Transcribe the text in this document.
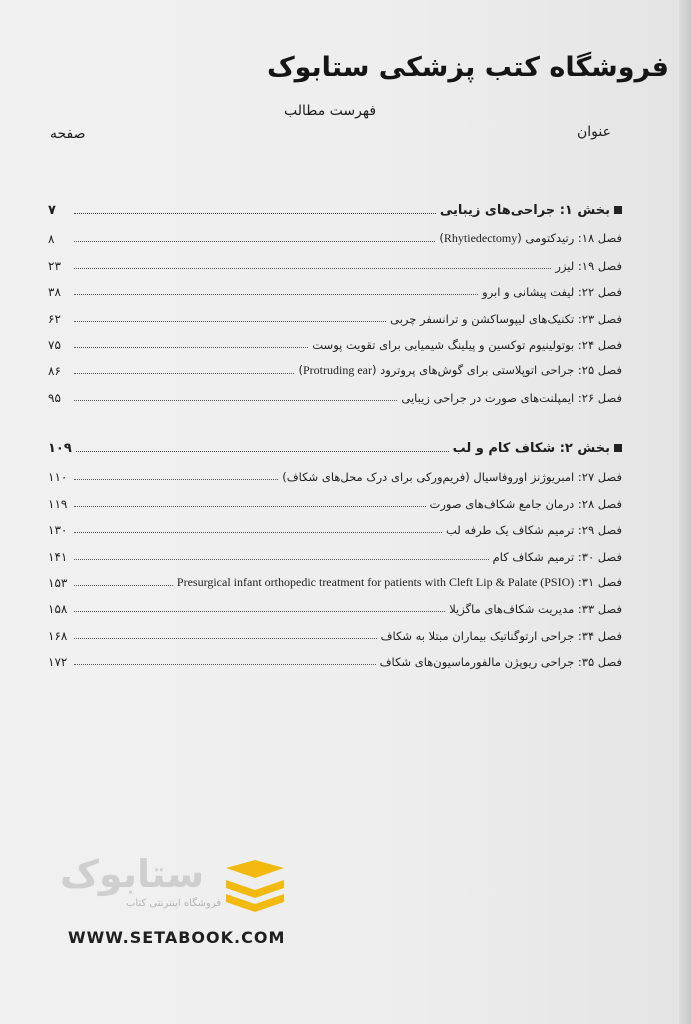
فروشگاه کتب پزشکی ستابوک
فهرست مطالب
عنوان
صفحه
بخش ۱: جراحی‌های زیبایی
۷
فصل ۱۸: رتیدکتومی (Rhytiedectomy)
۸
فصل ۱۹: لیزر
۲۳
فصل ۲۲: لیفت پیشانی و ابرو
۳۸
فصل ۲۳: تکنیک‌های لیپوساکشن و ترانسفر چربی
۶۲
فصل ۲۴: بوتولینیوم توکسین و پیلینگ شیمیایی برای تقویت پوست
۷۵
فصل ۲۵: جراحی اتوپلاستی برای گوش‌های پروترود (Protruding ear)
۸۶
فصل ۲۶: ایمپلنت‌های صورت در جراحی زیبایی
۹۵
بخش ۲: شکاف کام و لب
۱۰۹
فصل ۲۷: امبریوژنز اوروفاسیال (فریم‌ورکی برای درک محل‌های شکاف)
۱۱۰
فصل ۲۸: درمان جامع شکاف‌های صورت
۱۱۹
فصل ۲۹: ترمیم شکاف یک طرفه لب
۱۳۰
فصل ۳۰: ترمیم شکاف کام
۱۴۱
فصل ۳۱: Presurgical infant orthopedic treatment for patients with Cleft Lip & Palate (PSIO)
۱۵۳
فصل ۳۳: مدیریت شکاف‌های ماگزیلا
۱۵۸
فصل ۳۴: جراحی ارتوگناتیک بیماران مبتلا به شکاف
۱۶۸
فصل ۳۵: جراحی ریوپژن مالفورماسیون‌های شکاف
۱۷۲
ستابوک
فروشگاه اینترنتی کتاب
WWW.SETABOOK.COM
